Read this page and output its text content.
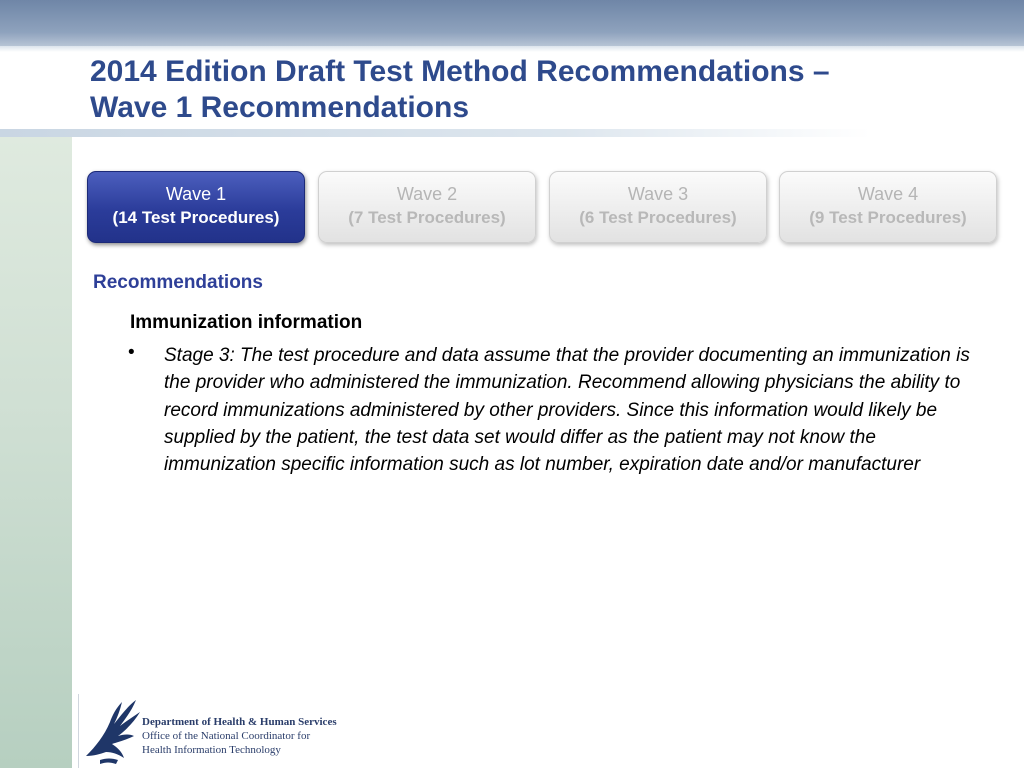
2014 Edition Draft Test Method Recommendations –
Wave 1 Recommendations
Wave 1
(14 Test Procedures)
Wave 2
(7 Test Procedures)
Wave 3
(6 Test Procedures)
Wave 4
(9 Test Procedures)
Recommendations
Immunization information
• Stage 3: The test procedure and data assume that the provider documenting an immunization is the provider who administered the immunization. Recommend allowing physicians the ability to record immunizations administered by other providers. Since this information would likely be supplied by the patient, the test data set would differ as the patient may not know the immunization specific information such as lot number, expiration date and/or manufacturer
Department of Health & Human Services
Office of the National Coordinator for
Health Information Technology
